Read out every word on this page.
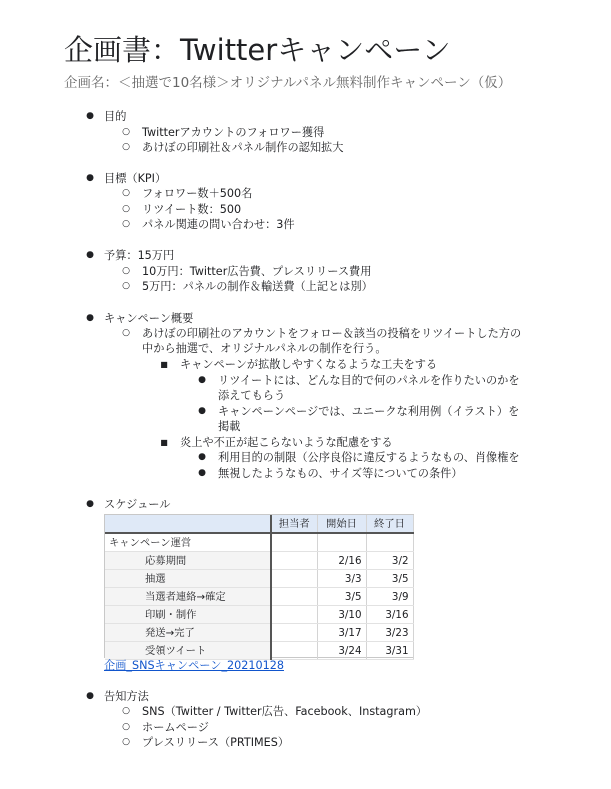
企画書：Twitterキャンペーン
企画名：＜抽選で10名様＞オリジナルパネル無料制作キャンペーン（仮）
● 目的
○	Twitterアカウントのフォロワー獲得
○	あけぼの印刷社＆パネル制作の認知拡大
● 目標（KPI）
○	フォロワー数＋500名
○	リツイート数：500
○	パネル関連の問い合わせ：3件
● 予算：15万円
○	10万円：Twitter広告費、プレスリリース費用
○	5万円：パネルの制作＆輸送費（上記とは別）
● キャンペーン概要
○	あけぼの印刷社のアカウントをフォロー＆該当の投稿をリツイートした方の
中から抽選で、オリジナルパネルの制作を行う。
■	キャンペーンが拡散しやすくなるような工夫をする
●	リツイートには、どんな目的で何のパネルを作りたいのかを
添えてもらう
●	キャンペーンページでは、ユニークな利用例（イラスト）を
掲載
■	炎上や不正が起こらないような配慮をする
●	利用目的の制限（公序良俗に違反するようなもの、肖像権を
●	無視したようなもの、サイズ等についての条件）
● スケジュール
	担当者	開始日	終了日
キャンペーン運営			
応募期間		2/16	3/2
抽選		3/3	3/5
当選者連絡→確定		3/5	3/9
印刷・制作		3/10	3/16
発送→完了		3/17	3/23
受領ツイート		3/24	3/31
企画_SNSキャンペーン_20210128
● 告知方法
○	SNS（Twitter / Twitter広告、Facebook、Instagram）
○	ホームページ
○	プレスリリース（PRTIMES）
